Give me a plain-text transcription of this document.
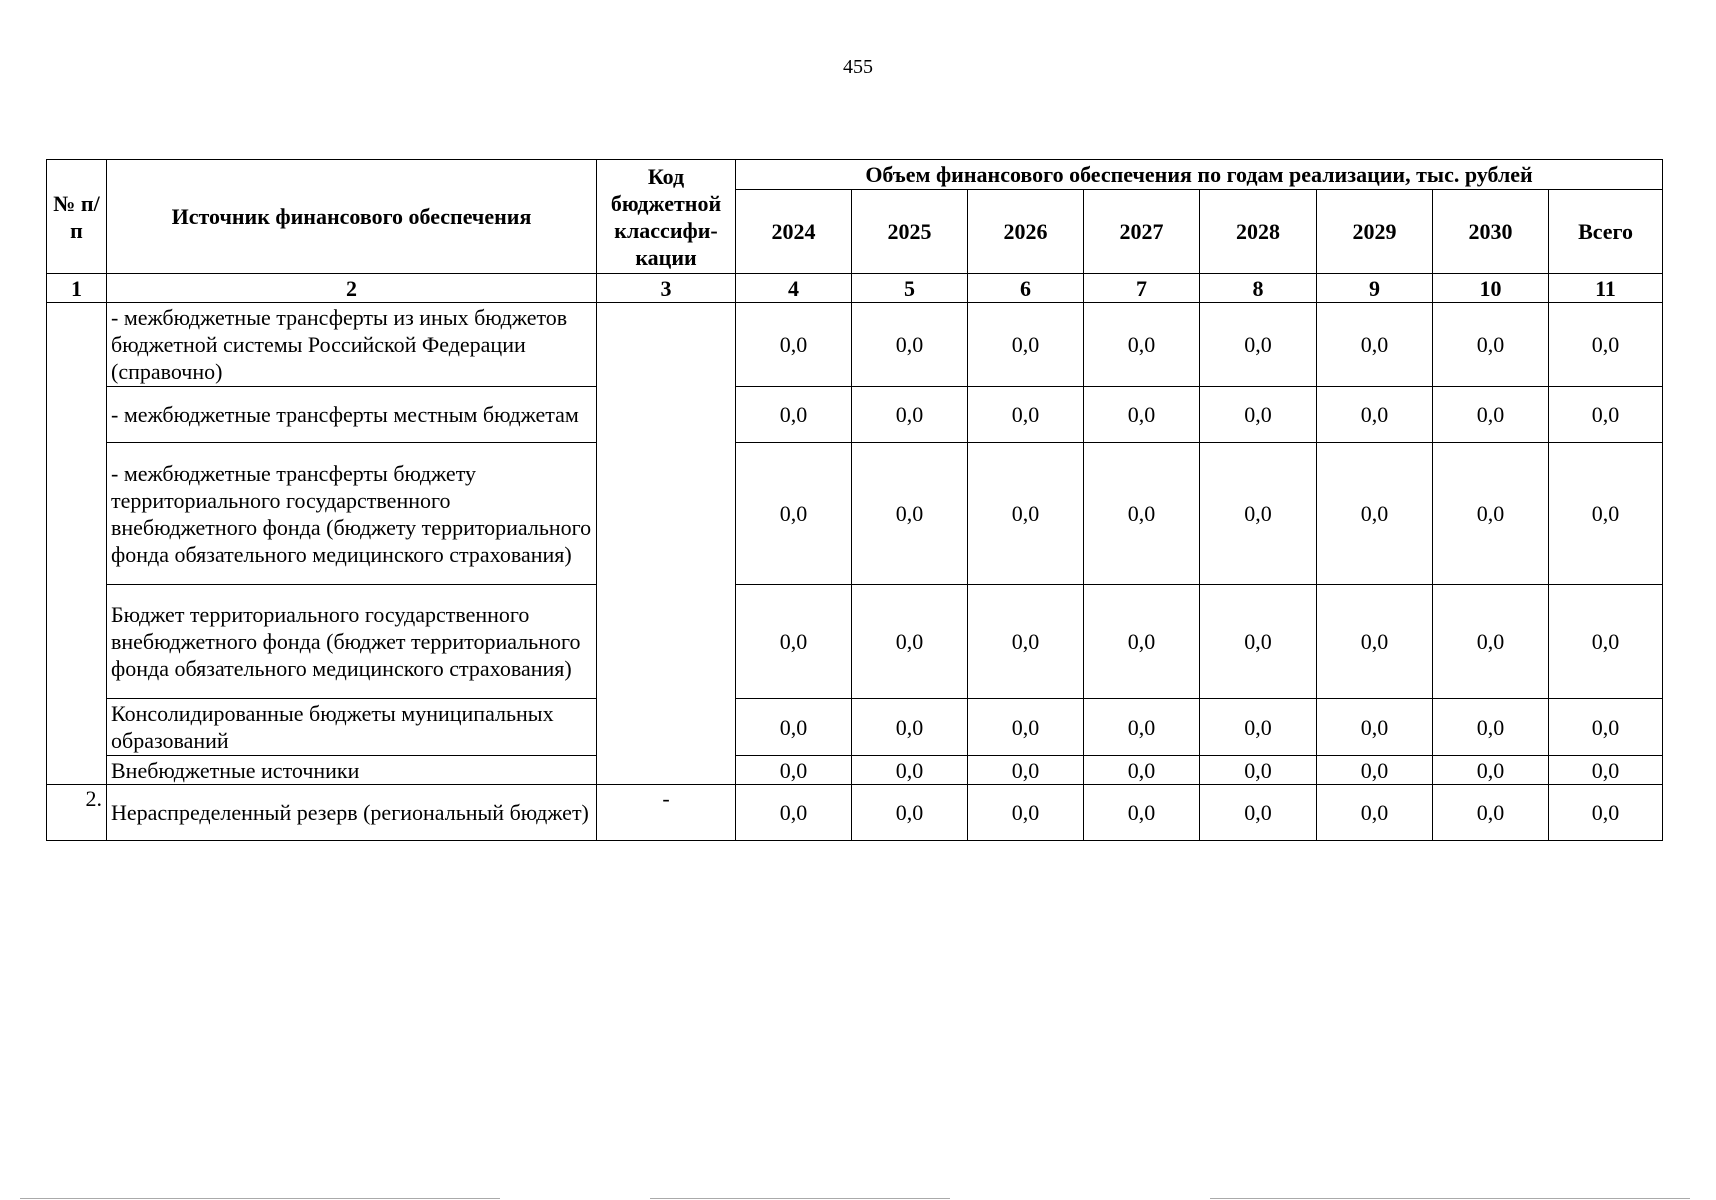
455
№ п/п	Источник финансового обеспечения	Код бюджетной классифи-кации	Объем финансового обеспечения по годам реализации, тыс. рублей							
			2024	2025	2026	2027	2028	2029	2030	Всего
1	2	3	4	5	6	7	8	9	10	11
	- межбюджетные трансферты из иных бюджетов бюджетной системы Российской Федерации (справочно)		0,0	0,0	0,0	0,0	0,0	0,0	0,0	0,0
	- межбюджетные трансферты местным бюджетам		0,0	0,0	0,0	0,0	0,0	0,0	0,0	0,0
	- межбюджетные трансферты бюджету территориального государственного внебюджетного фонда (бюджету территориального фонда обязательного медицинского страхования)		0,0	0,0	0,0	0,0	0,0	0,0	0,0	0,0
	Бюджет территориального государственного внебюджетного фонда (бюджет территориального фонда обязательного медицинского страхования)		0,0	0,0	0,0	0,0	0,0	0,0	0,0	0,0
	Консолидированные бюджеты муниципальных образований		0,0	0,0	0,0	0,0	0,0	0,0	0,0	0,0
	Внебюджетные источники		0,0	0,0	0,0	0,0	0,0	0,0	0,0	0,0
2.	Нераспределенный резерв (региональный бюджет)	-	0,0	0,0	0,0	0,0	0,0	0,0	0,0	0,0
